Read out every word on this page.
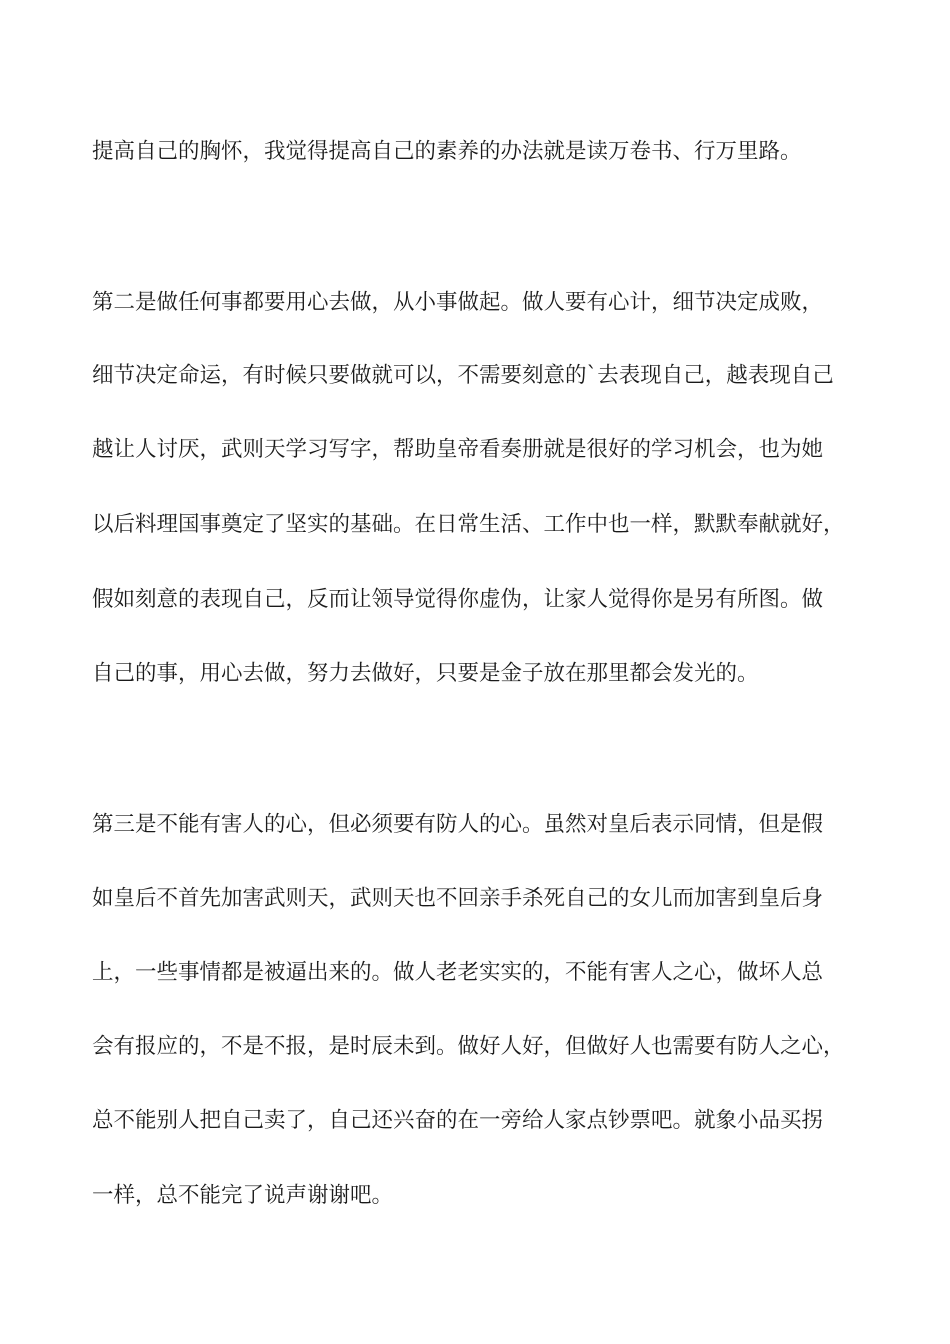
提高自己的胸怀，我觉得提高自己的素养的办法就是读万卷书、行万里路。
第二是做任何事都要用心去做，从小事做起。做人要有心计，细节决定成败，
细节决定命运，有时候只要做就可以，不需要刻意的`去表现自己，越表现自己
越让人讨厌，武则天学习写字，帮助皇帝看奏册就是很好的学习机会，也为她
以后料理国事奠定了坚实的基础。在日常生活、工作中也一样，默默奉献就好，
假如刻意的表现自己，反而让领导觉得你虚伪，让家人觉得你是另有所图。做
自己的事，用心去做，努力去做好，只要是金子放在那里都会发光的。
第三是不能有害人的心，但必须要有防人的心。虽然对皇后表示同情，但是假
如皇后不首先加害武则天，武则天也不回亲手杀死自己的女儿而加害到皇后身
上，一些事情都是被逼出来的。做人老老实实的，不能有害人之心，做坏人总
会有报应的，不是不报，是时辰未到。做好人好，但做好人也需要有防人之心，
总不能别人把自己卖了，自己还兴奋的在一旁给人家点钞票吧。就象小品买拐
一样，总不能完了说声谢谢吧。
